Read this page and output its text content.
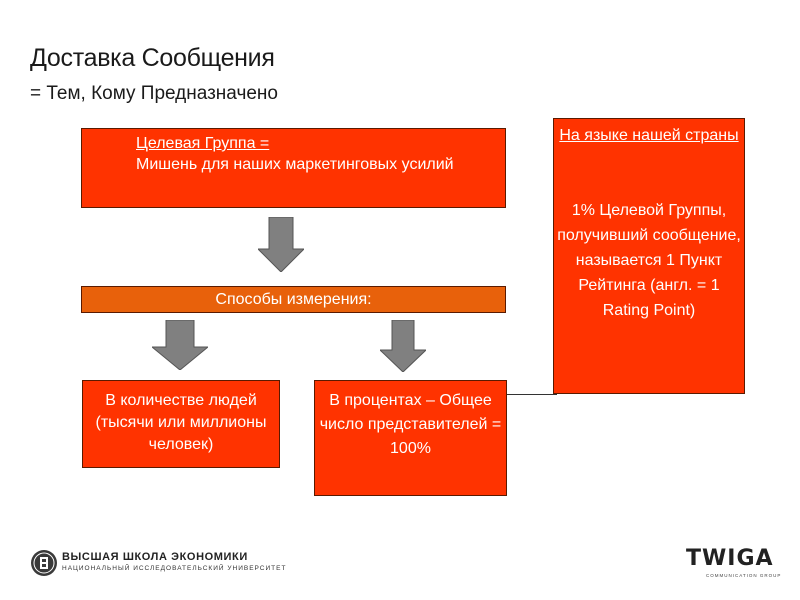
Доставка Сообщения
= Тем, Кому Предназначено
Целевая Группа =
Мишень для наших маркетинговых усилий
Способы измерения:
В количестве людей (тысячи или миллионы человек)
В процентах – Общее число представителей = 100%
На языке нашей страны
1% Целевой Группы, получивший сообщение, называется 1 Пункт Рейтинга (англ. = 1 Rating Point)
ВЫСШАЯ ШКОЛА ЭКОНОМИКИ
НАЦИОНАЛЬНЫЙ ИССЛЕДОВАТЕЛЬСКИЙ УНИВЕРСИТЕТ	TWIGA
COMMUNICATION GROUP
